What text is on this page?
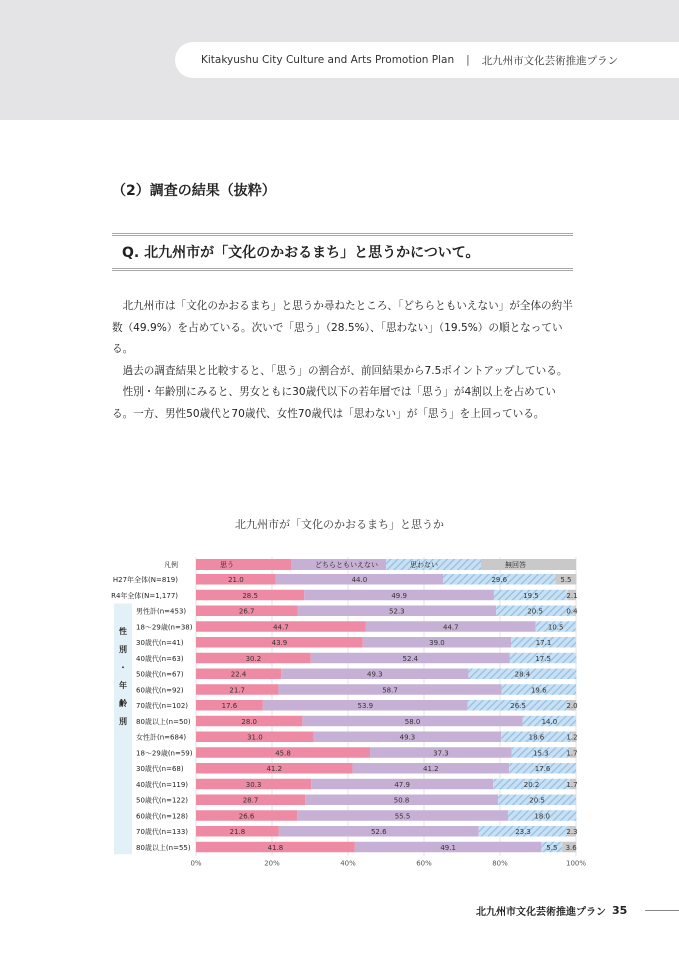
Kitakyushu City Culture and Arts Promotion Plan | 北九州市文化芸術推進プラン
（2）調査の結果（抜粋）
Q. 北九州市が「文化のかおるまち」と思うかについて。

北九州市は「文化のかおるまち」と思うか尋ねたところ、「どちらともいえない」が全体の約半数（49.9%）を占めている。次いで「思う」（28.5%）、「思わない」（19.5%）の順となっている。

過去の調査結果と比較すると、「思う」の割合が、前回結果から7.5ポイントアップしている。

性別・年齢別にみると、男女ともに30歳代以下の若年層では「思う」が4割以上を占めている。一方、男性50歳代と70歳代、女性70歳代は「思わない」が「思う」を上回っている。

北九州市が「文化のかおるまち」と思うか
0%	20%	40%	60%	80%	100%
凡例	思う	どちらともいえない	思わない	無回答
性別・年齢別
H27年全体(N=819)	21.0	44.0	29.6	5.5
R4年全体(N=1,177)	28.5	49.9	19.5	2.1
男性計(n=453)	26.7	52.3	20.5	0.4
18～29歳(n=38)	44.7	44.7	10.5
30歳代(n=41)	43.9	39.0	17.1
40歳代(n=63)	30.2	52.4	17.5
50歳代(n=67)	22.4	49.3	28.4
60歳代(n=92)	21.7	58.7	19.6
70歳代(n=102)	17.6	53.9	26.5	2.0
80歳以上(n=50)	28.0	58.0	14.0
女性計(n=684)	31.0	49.3	18.6	1.2
18～29歳(n=59)	45.8	37.3	15.3	1.7
30歳代(n=68)	41.2	41.2	17.6
40歳代(n=119)	30.3	47.9	20.2	1.7
50歳代(n=122)	28.7	50.8	20.5
60歳代(n=128)	26.6	55.5	18.0
70歳代(n=133)	21.8	52.6	23.3	2.3
80歳以上(n=55)	41.8	49.1	5.5 3.6
北九州市文化芸術推進プラン 35
